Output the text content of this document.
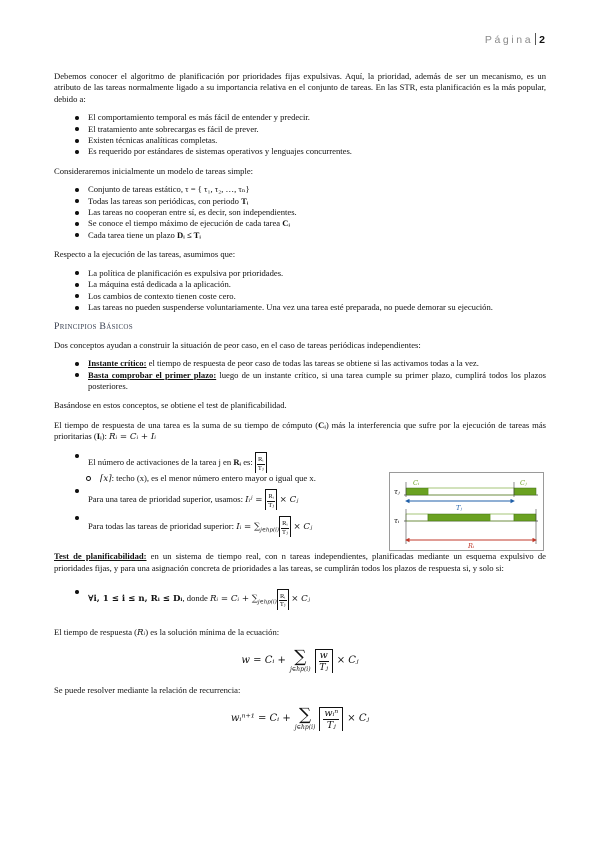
Página 2

Debemos conocer el algoritmo de planificación por prioridades fijas expulsivas. Aquí, la prioridad, además de ser un mecanismo, es un atributo de las tareas normalmente ligado a su importancia relativa en el conjunto de tareas. En las STR, esta planificación es la más popular, debido a:

El comportamiento temporal es más fácil de entender y predecir.
El tratamiento ante sobrecargas es fácil de prever.
Existen técnicas analíticas completas.
Es requerido por estándares de sistemas operativos y lenguajes concurrentes.

Consideraremos inicialmente un modelo de tareas simple:

Conjunto de tareas estático, τ = { τ₁, τ₂, …, τₙ}
Todas las tareas son periódicas, con periodo Tᵢ
Las tareas no cooperan entre sí, es decir, son independientes.
Se conoce el tiempo máximo de ejecución de cada tarea Cᵢ
Cada tarea tiene un plazo Dᵢ ≤ Tᵢ

Respecto a la ejecución de las tareas, asumimos que:

La política de planificación es expulsiva por prioridades.
La máquina está dedicada a la aplicación.
Los cambios de contexto tienen coste cero.
Las tareas no pueden suspenderse voluntariamente. Una vez una tarea esté preparada, no puede demorar su ejecución.
Principios Básicos

Dos conceptos ayudan a construir la situación de peor caso, en el caso de tareas periódicas independientes:

Instante crítico: el tiempo de respuesta de peor caso de todas las tareas se obtiene si las activamos todas a la vez.
Basta comprobar el primer plazo: luego de un instante crítico, si una tarea cumple su primer plazo, cumplirá todos los plazos posteriores.

Basándose en estos conceptos, se obtiene el test de planificabilidad.

El tiempo de respuesta de una tarea es la suma de su tiempo de cómputo (Cᵢ) más la interferencia que sufre por la ejecución de tareas más prioritarias (Iᵢ): Rᵢ = Cᵢ + Iᵢ

El número de activaciones de la tarea j en Rᵢ es: $\frac{\text{Rᵢ}}{\text{Tⱼ}}$
⌈x⌉: techo (x), es el menor número entero mayor o igual que x.
Para una tarea de prioridad superior, usamos: Iᵢʲ = $\frac{\text{Rᵢ}}{\text{Tⱼ}}$ × Cⱼ
Para todas las tareas de prioridad superior: Iᵢ = $\sum_{j\in hp(i)} \frac{\text{Rᵢ}}{\text{Tⱼ}}$ × Cⱼ

Test de planificabilidad: en un sistema de tiempo real, con n tareas independientes, planificadas mediante un esquema expulsivo de prioridades fijas, y para una asignación concreta de prioridades a las tareas, se cumplirán todos los plazos de respuesta si, y solo si:

∀i, 1 ≤ i ≤ n, Rᵢ ≤ Dᵢ, donde Rᵢ = Cᵢ + $\sum_{j\in hp(i)} \frac{\text{Rᵢ}}{\text{Tⱼ}}$ × Cⱼ

El tiempo de respuesta (Rᵢ) es la solución mínima de la ecuación:

w = Cᵢ + ∑
j∈hp(i) $\frac{w}{\text{Tⱼ}}$ × Cⱼ

Se puede resolver mediante la relación de recurrencia:

wᵢⁿ⁺¹ = Cᵢ + ∑
j∈hp(i)
wᵢⁿ
Tⱼ
× Cⱼ
τⱼ
τᵢ
Cᵢ	Cⱼ
Tⱼ
Rᵢ
